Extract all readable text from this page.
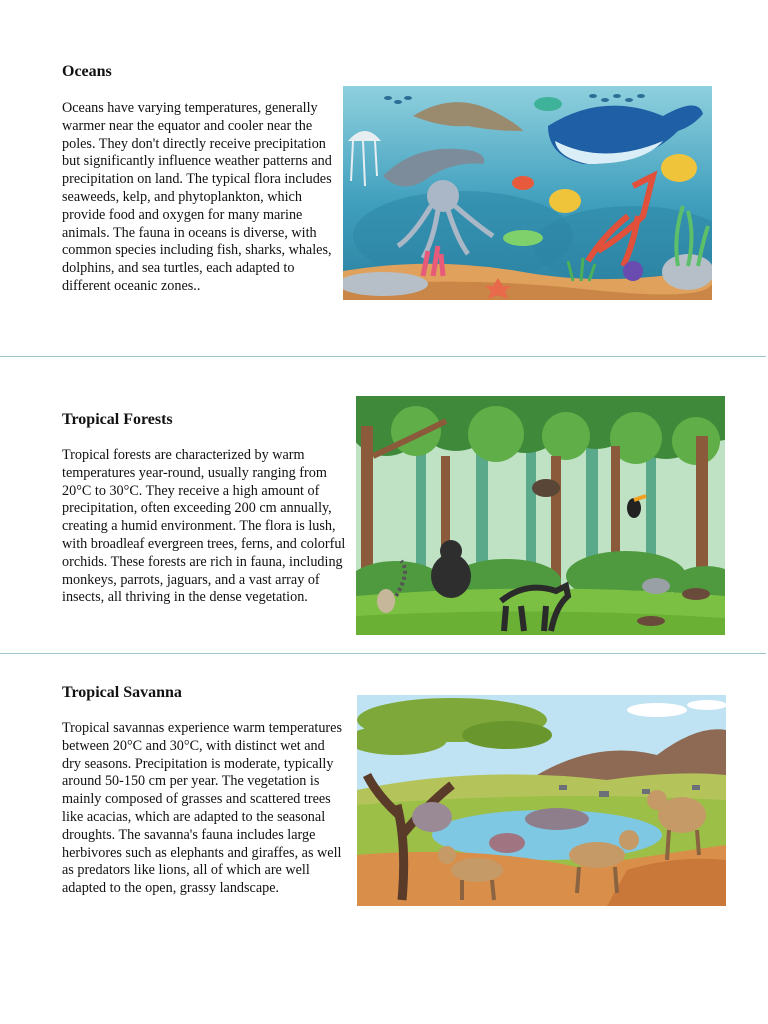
Oceans

Oceans have varying temperatures, generally warmer near the equator and cooler near the poles. They don't directly receive precipitation but significantly influence weather patterns and precipitation on land. The typical flora includes seaweeds, kelp, and phytoplankton, which provide food and oxygen for many marine animals. The fauna in oceans is diverse, with common species including fish, sharks, whales, dolphins, and sea turtles, each adapted to different oceanic zones..

Tropical Forests

Tropical forests are characterized by warm temperatures year-round, usually ranging from 20°C to 30°C. They receive a high amount of precipitation, often exceeding 200 cm annually, creating a humid environment. The flora is lush, with broadleaf evergreen trees, ferns, and colorful orchids. These forests are rich in fauna, including monkeys, parrots, jaguars, and a vast array of insects, all thriving in the dense vegetation.

Tropical Savanna

Tropical savannas experience warm temperatures between 20°C and 30°C, with distinct wet and dry seasons. Precipitation is moderate, typically around 50-150 cm per year. The vegetation is mainly composed of grasses and scattered trees like acacias, which are adapted to the seasonal droughts. The savanna's fauna includes large herbivores such as elephants and giraffes, as well as predators like lions, all of which are well adapted to the open, grassy landscape.
